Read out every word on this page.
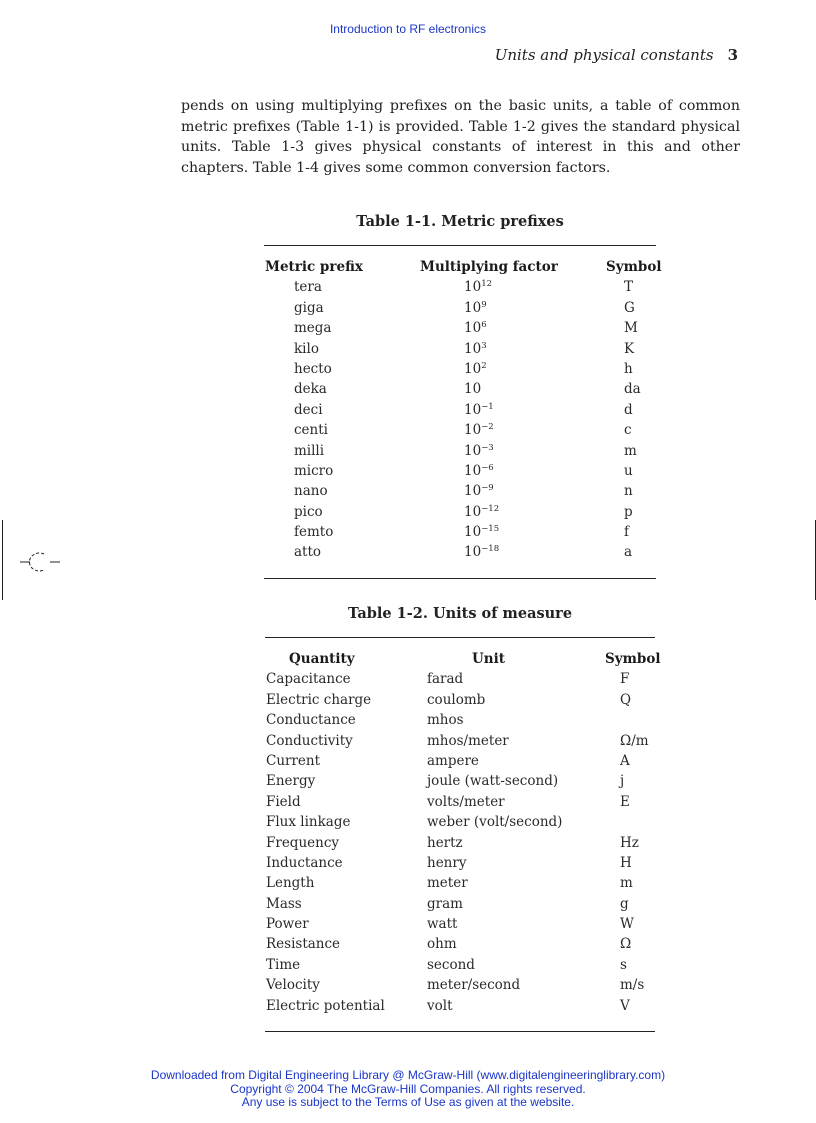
Introduction to RF electronics
Units and physical constants 3
pends on using multiplying prefixes on the basic units, a table of common metric prefixes (Table 1-1) is provided. Table 1-2 gives the standard physical units. Table 1-3 gives physical constants of interest in this and other chapters. Table 1-4 gives some common conversion factors.
Table 1-1. Metric prefixes
Metric prefix	Multiplying factor	Symbol
tera	$10^{12}$	T
giga	$10^9$	G
mega	$10^6$	M
kilo	$10^3$	K
hecto	$10^2$	h
deka	10	da
deci	$10^{-1}$	d
centi	$10^{-2}$	c
milli	$10^{-3}$	m
micro	$10^{-6}$	u
nano	$10^{-9}$	n
pico	$10^{-12}$	p
femto	$10^{-15}$	f
atto	$10^{-18}$	a
Table 1-2. Units of measure
Quantity	Unit	Symbol
Capacitance	farad	F
Electric charge	coulomb	Q
Conductance	mhos
Conductivity	mhos/meter	Ω/m
Current	ampere	A
Energy	joule (watt-second)	j
Field	volts/meter	E
Flux linkage	weber (volt/second)
Frequency	hertz	Hz
Inductance	henry	H
Length	meter	m
Mass	gram	g
Power	watt	W
Resistance	ohm	Ω
Time	second	s
Velocity	meter/second	m/s
Electric potential	volt	V
Downloaded from Digital Engineering Library @ McGraw-Hill (www.digitalengineeringlibrary.com)
Copyright © 2004 The McGraw-Hill Companies. All rights reserved.
Any use is subject to the Terms of Use as given at the website.
